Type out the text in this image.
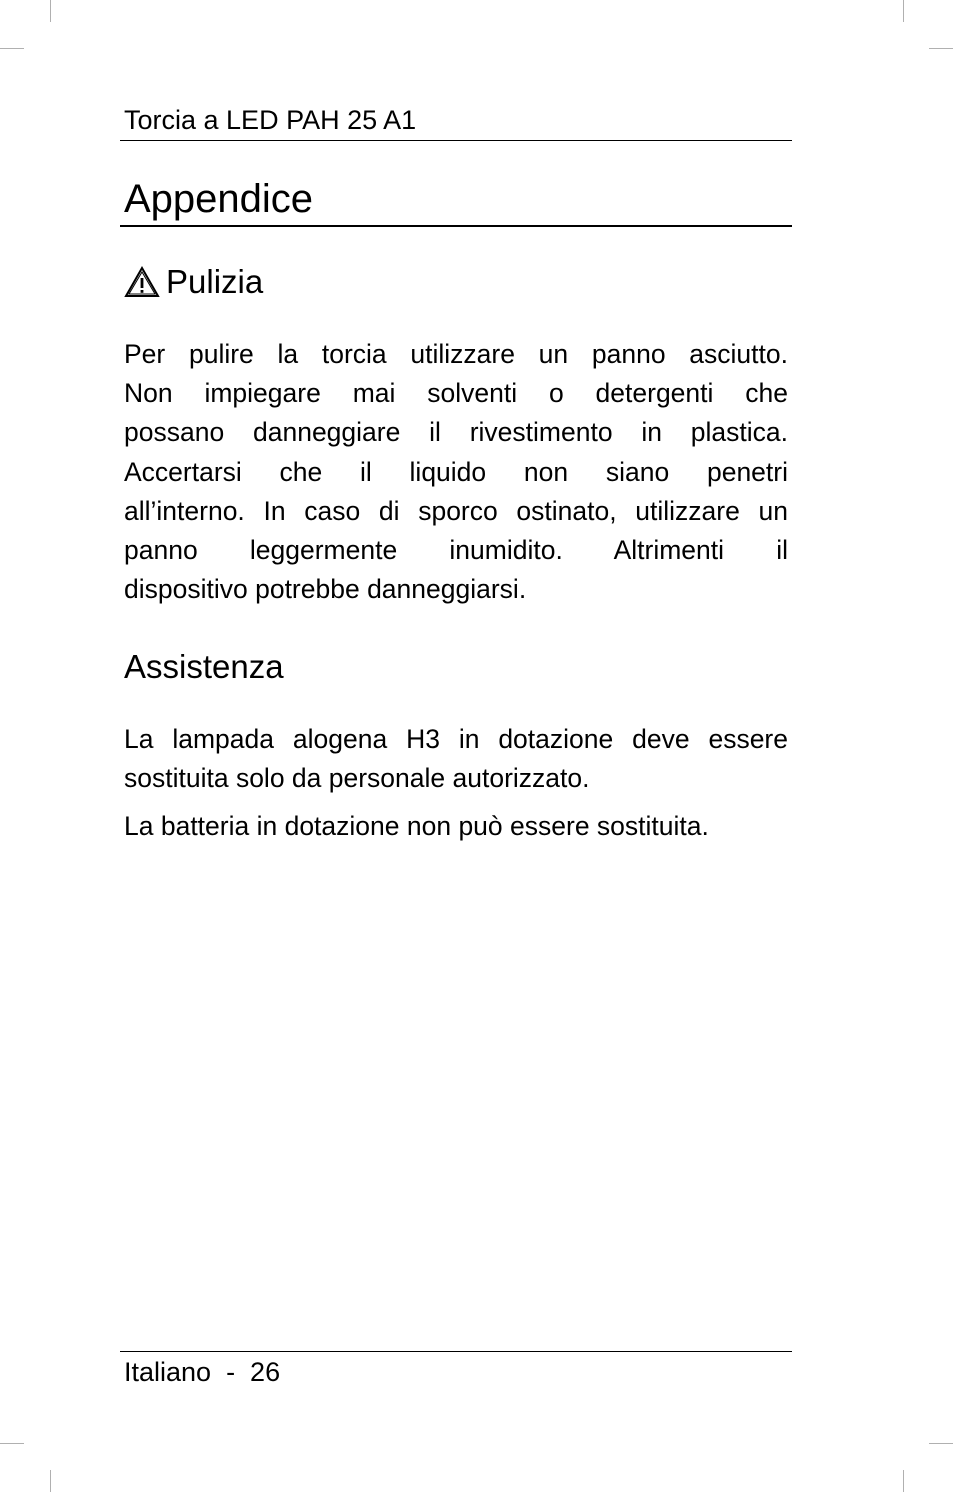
Torcia a LED PAH 25 A1
Appendice
Pulizia
Per pulire la torcia utilizzare un panno asciutto.
Non impiegare mai solventi o detergenti che
possano danneggiare il rivestimento in plastica.
Accertarsi che il liquido non siano penetri
all’interno. In caso di sporco ostinato, utilizzare un
panno leggermente inumidito. Altrimenti il
dispositivo potrebbe danneggiarsi.
Assistenza
La lampada alogena H3 in dotazione deve essere
sostituita solo da personale autorizzato.
La batteria in dotazione non può essere sostituita.
Italiano  -  26
